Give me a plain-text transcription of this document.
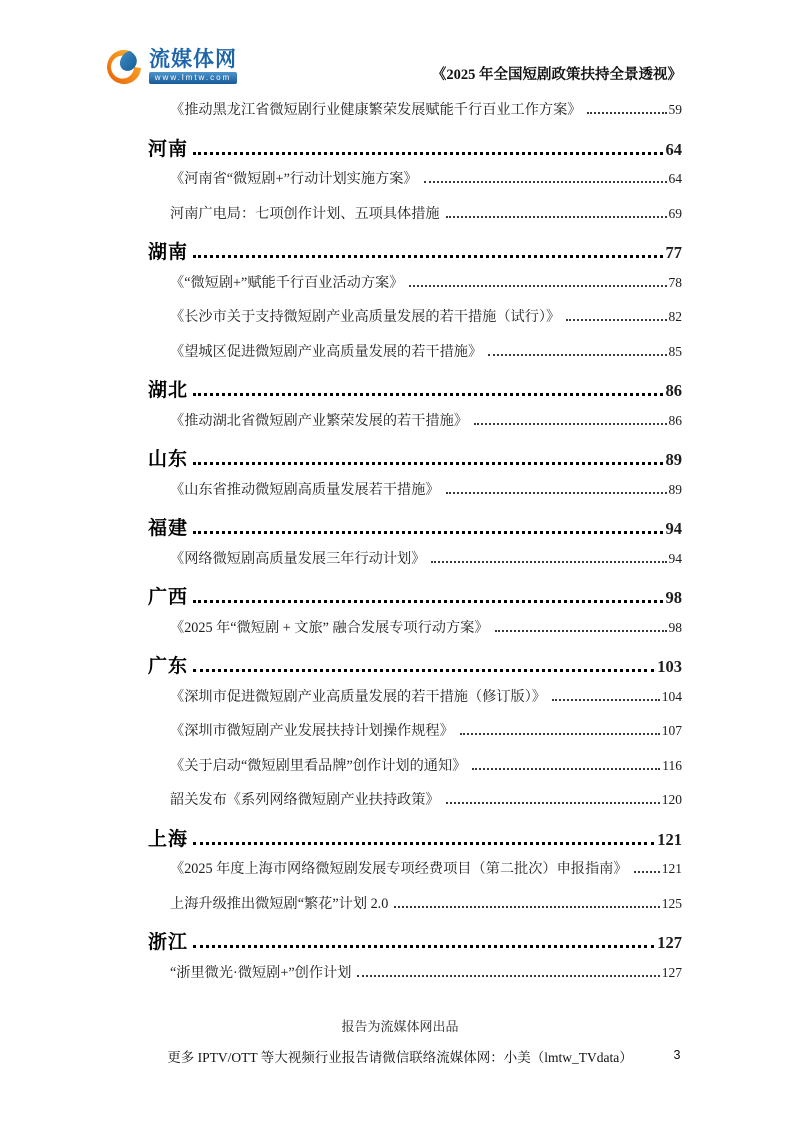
流媒体网
www.lmtw.com	《2025 年全国短剧政策扶持全景透视》
《推动黑龙江省微短剧行业健康繁荣发展赋能千行百业工作方案》	59
河南	64
《河南省“微短剧+”行动计划实施方案》	64
河南广电局：七项创作计划、五项具体措施	69
湖南	77
《“微短剧+”赋能千行百业活动方案》	78
《长沙市关于支持微短剧产业高质量发展的若干措施（试行）》	82
《望城区促进微短剧产业高质量发展的若干措施》	85
湖北	86
《推动湖北省微短剧产业繁荣发展的若干措施》	86
山东	89
《山东省推动微短剧高质量发展若干措施》	89
福建	94
《网络微短剧高质量发展三年行动计划》	94
广西	98
《2025 年“微短剧 + 文旅” 融合发展专项行动方案》	98
广东	103
《深圳市促进微短剧产业高质量发展的若干措施（修订版）》	104
《深圳市微短剧产业发展扶持计划操作规程》	107
《关于启动“微短剧里看品牌”创作计划的通知》	116
韶关发布《系列网络微短剧产业扶持政策》	120
上海	121
《2025 年度上海市网络微短剧发展专项经费项目（第二批次）申报指南》	121
上海升级推出微短剧“繁花”计划 2.0	125
浙江	127
“浙里微光·微短剧+”创作计划	127
报告为流媒体网出品
更多 IPTV/OTT 等大视频行业报告请微信联络流媒体网：小美（lmtw_TVdata）	3
